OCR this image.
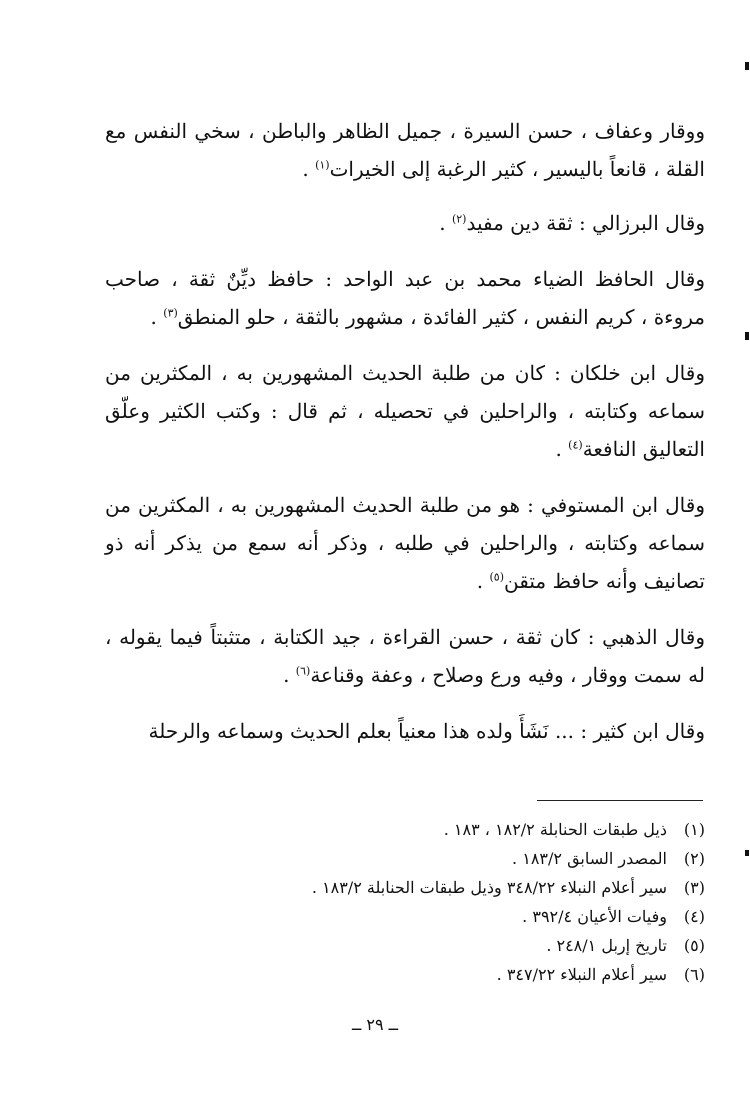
ووقار وعفاف ، حسن السيرة ، جميل الظاهر والباطن ، سخي النفس مع القلة ، قانعاً باليسير ، كثير الرغبة إلى الخيرات$^{(١)}$ .

وقال البرزالي : ثقة دين مفيد$^{(٢)}$ .

وقال الحافظ الضياء محمد بن عبد الواحد : حافظ ديِّنٌ ثقة ، صاحب مروءة ، كريم النفس ، كثير الفائدة ، مشهور بالثقة ، حلو المنطق$^{(٣)}$ .

وقال ابن خلكان : كان من طلبة الحديث المشهورين به ، المكثرين من سماعه وكتابته ، والراحلين في تحصيله ، ثم قال : وكتب الكثير وعلّق التعاليق النافعة$^{(٤)}$ .

وقال ابن المستوفي : هو من طلبة الحديث المشهورين به ، المكثرين من سماعه وكتابته ، والراحلين في طلبه ، وذكر أنه سمع من يذكر أنه ذو تصانيف وأنه حافظ متقن$^{(٥)}$ .

وقال الذهبي : كان ثقة ، حسن القراءة ، جيد الكتابة ، متثبتاً فيما يقوله ، له سمت ووقار ، وفيه ورع وصلاح ، وعفة وقناعة$^{(٦)}$ .

وقال ابن كثير : ... نَشَأَ ولده هذا معنياً بعلم الحديث وسماعه والرحلة

(١)
ذيل طبقات الحنابلة ١٨٢/٢ ، ١٨٣ .
(٢)
المصدر السابق ١٨٣/٢ .
(٣)
سير أعلام النبلاء ٣٤٨/٢٢ وذيل طبقات الحنابلة ١٨٣/٢ .
(٤)
وفيات الأعيان ٣٩٢/٤ .
(٥)
تاريخ إربل ٢٤٨/١ .
(٦)
سير أعلام النبلاء ٣٤٧/٢٢ .
ــ ٢٩ ــ
